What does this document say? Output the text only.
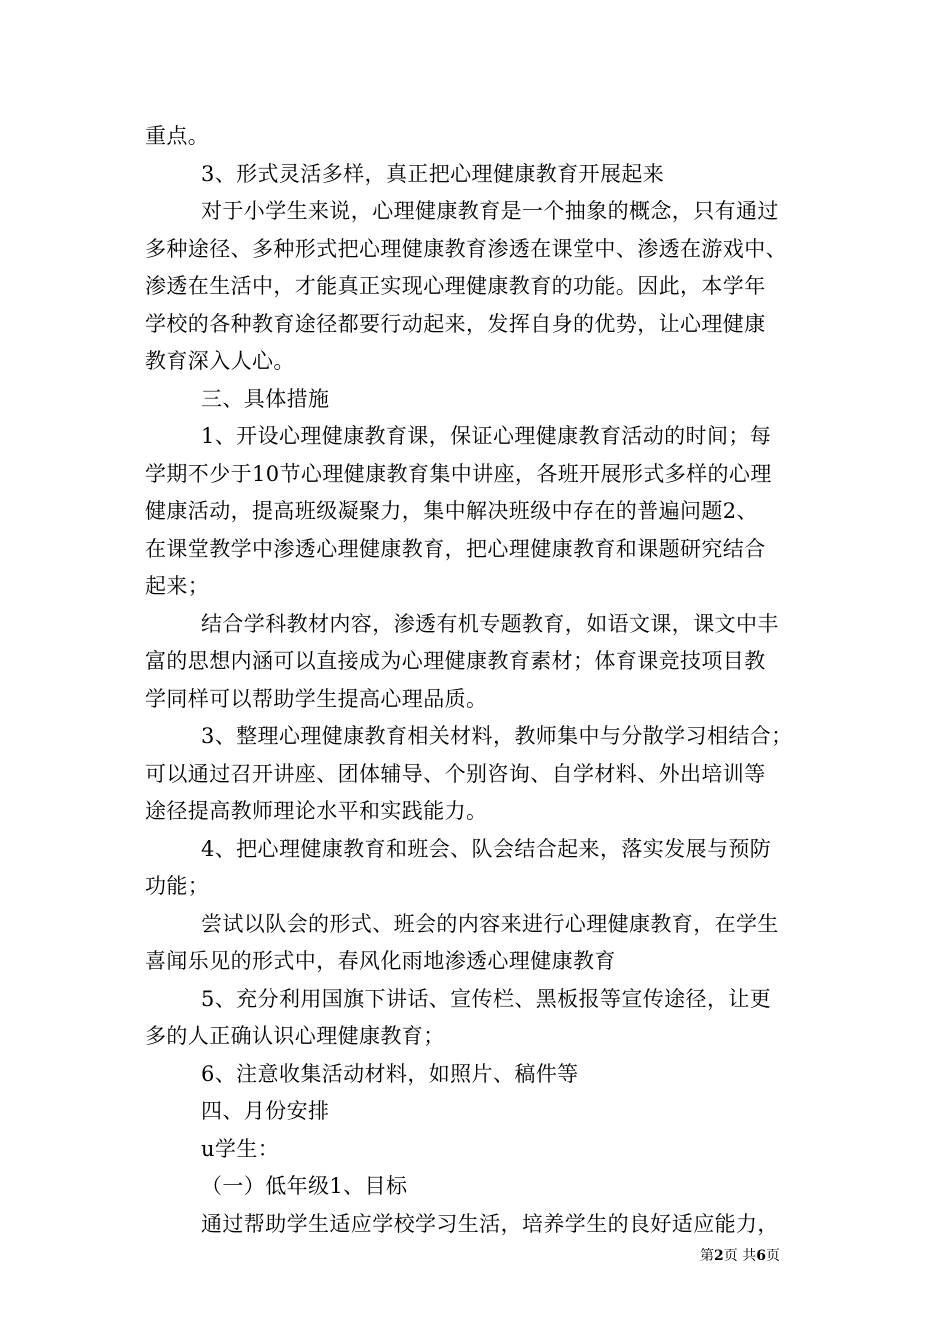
重点。
3、形式灵活多样，真正把心理健康教育开展起来
对于小学生来说，心理健康教育是一个抽象的概念，只有通过
多种途径、多种形式把心理健康教育渗透在课堂中、渗透在游戏中、
渗透在生活中，才能真正实现心理健康教育的功能。因此，本学年
学校的各种教育途径都要行动起来，发挥自身的优势，让心理健康
教育深入人心。
三、具体措施
1、开设心理健康教育课，保证心理健康教育活动的时间；每
学期不少于10节心理健康教育集中讲座，各班开展形式多样的心理
健康活动，提高班级凝聚力，集中解决班级中存在的普遍问题2、
在课堂教学中渗透心理健康教育，把心理健康教育和课题研究结合
起来；
结合学科教材内容，渗透有机专题教育，如语文课，课文中丰
富的思想内涵可以直接成为心理健康教育素材；体育课竞技项目教
学同样可以帮助学生提高心理品质。
3、整理心理健康教育相关材料，教师集中与分散学习相结合；
可以通过召开讲座、团体辅导、个别咨询、自学材料、外出培训等
途径提高教师理论水平和实践能力。
4、把心理健康教育和班会、队会结合起来，落实发展与预防
功能；
尝试以队会的形式、班会的内容来进行心理健康教育，在学生
喜闻乐见的形式中，春风化雨地渗透心理健康教育
5、充分利用国旗下讲话、宣传栏、黑板报等宣传途径，让更
多的人正确认识心理健康教育；
6、注意收集活动材料，如照片、稿件等
四、月份安排
u学生：
（一）低年级1、目标
通过帮助学生适应学校学习生活，培养学生的良好适应能力，
第2页 共6页
